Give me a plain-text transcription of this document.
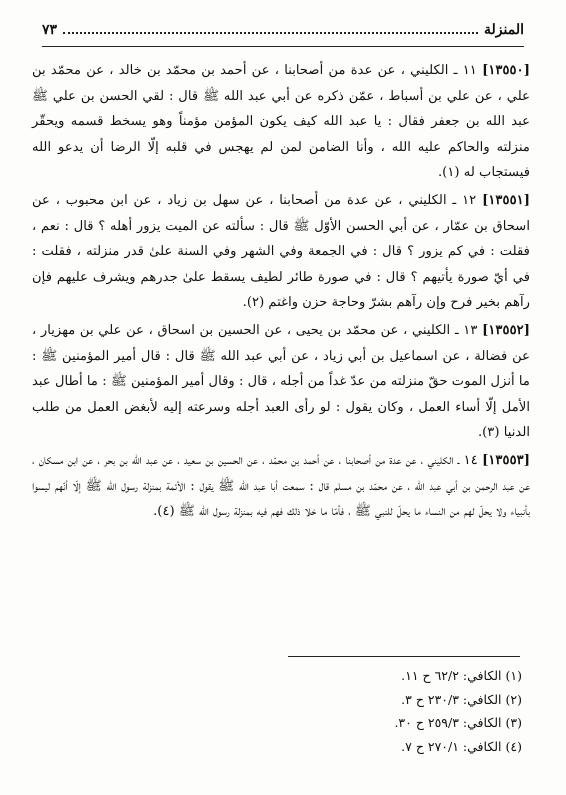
المنزلة
٧٣

[١٣٥٥٠] ١١ ـ الكليني ، عن عدة من أصحابنا ، عن أحمد بن محمّد بن خالد ، عن محمّد بن علي ، عن علي بن أسباط ، عمّن ذكره عن أبي عبد الله ﷺ قال : لقي الحسن بن علي ﷺ عبد الله بن جعفر فقال : يا عبد الله كيف يكون المؤمن مؤمناً وهو يسخط قسمه ويحقّر منزلته والحاكم عليه الله ، وأنا الضامن لمن لم يهجس في قلبه إلّا الرضا أن يدعو الله فيستجاب له (١).

[١٣٥٥١] ١٢ ـ الكليني ، عن عدة من أصحابنا ، عن سهل بن زياد ، عن ابن محبوب ، عن اسحاق بن عمّار ، عن أبي الحسن الأوّل ﷺ قال : سألته عن الميت يزور أهله ؟ قال : نعم ، فقلت : في كم يزور ؟ قال : في الجمعة وفي الشهر وفي السنة علىٰ قدر منزلته ، فقلت : في أيّ صورة يأتيهم ؟ قال : في صورة طائر لطيف يسقط علىٰ جدرهم ويشرف عليهم فإن رآهم بخير فرح وإن رآهم بشرّ وحاجة حزن واغتم (٢).

[١٣٥٥٢] ١٣ ـ الكليني ، عن محمّد بن يحيى ، عن الحسين بن اسحاق ، عن علي بن مهزيار ، عن فضالة ، عن اسماعيل بن أبي زياد ، عن أبي عبد الله ﷺ قال : قال أمير المؤمنين ﷺ : ما أنزل الموت حقّ منزلته من عدّ غداً من أجله ، قال : وقال أمير المؤمنين ﷺ : ما أطال عبد الأمل إلّا أساء العمل ، وكان يقول : لو رأى العبد أجله وسرعته إليه لأبغض العمل من طلب الدنيا (٣).

[١٣٥٥٣] ١٤ ـ الكليني ، عن عدة من أصحابنا ، عن أحمد بن محمّد ، عن الحسين بن سعيد ، عن عبد الله بن بحر ، عن ابن مسكان ، عن عبد الرحمن بن أبي عبد الله ، عن محمّد بن مسلم قال : سمعت أبا عبد الله ﷺ يقول : الأئمة بمنزلة رسول الله ﷺ إلّا أنّهم ليسوا بأنبياء ولا يحلّ لهم من النساء ما يحلّ للنبي ﷺ ، فأمّا ما خلا ذلك فهم فيه بمنزلة رسول الله ﷺ (٤).

(١) الكافي: ٦٢/٢ ح ١١.
(٢) الكافي: ٢٣٠/٣ ح ٣.
(٣) الكافي: ٢٥٩/٣ ح ٣٠.
(٤) الكافي: ٢٧٠/١ ح ٧.
